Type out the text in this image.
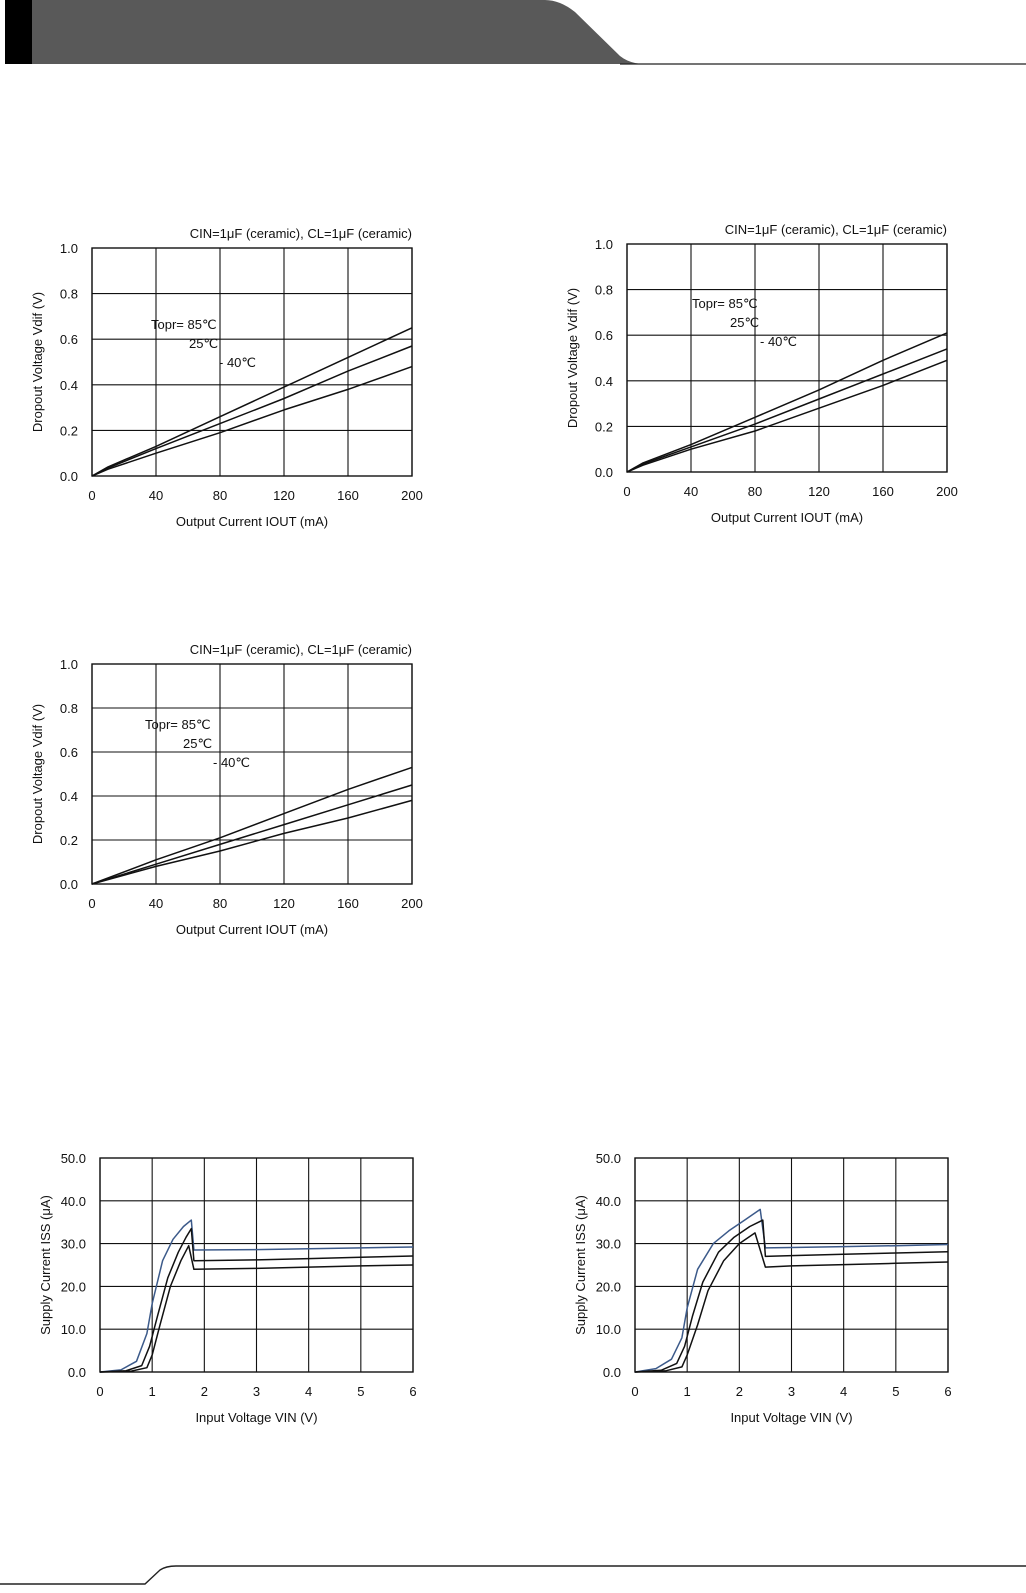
0	40	80	120	160	200
0.0
0.2
0.4
0.6
0.8
1.0
Output Current IOUT (mA)
Dropout Voltage Vdif (V)
CIN=1μF (ceramic), CL=1μF (ceramic)
Topr= 85℃
25℃
- 40℃
0	40	80	120	160	200
0.0
0.2
0.4
0.6
0.8
1.0
Output Current IOUT (mA)
Dropout Voltage Vdif (V)
CIN=1μF (ceramic), CL=1μF (ceramic)
Topr= 85℃
25℃
- 40℃
0	40	80	120	160	200
0.0
0.2
0.4
0.6
0.8
1.0
Output Current IOUT (mA)
Dropout Voltage Vdif (V)
CIN=1μF (ceramic), CL=1μF (ceramic)
Topr= 85℃
25℃
- 40℃
0	1	2	3	4	5	6
0.0
10.0
20.0
30.0
40.0
50.0
Input Voltage VIN (V)
Supply Current ISS (μA)
0	1	2	3	4	5	6
0.0
10.0
20.0
30.0
40.0
50.0
Input Voltage VIN (V)
Supply Current ISS (μA)
